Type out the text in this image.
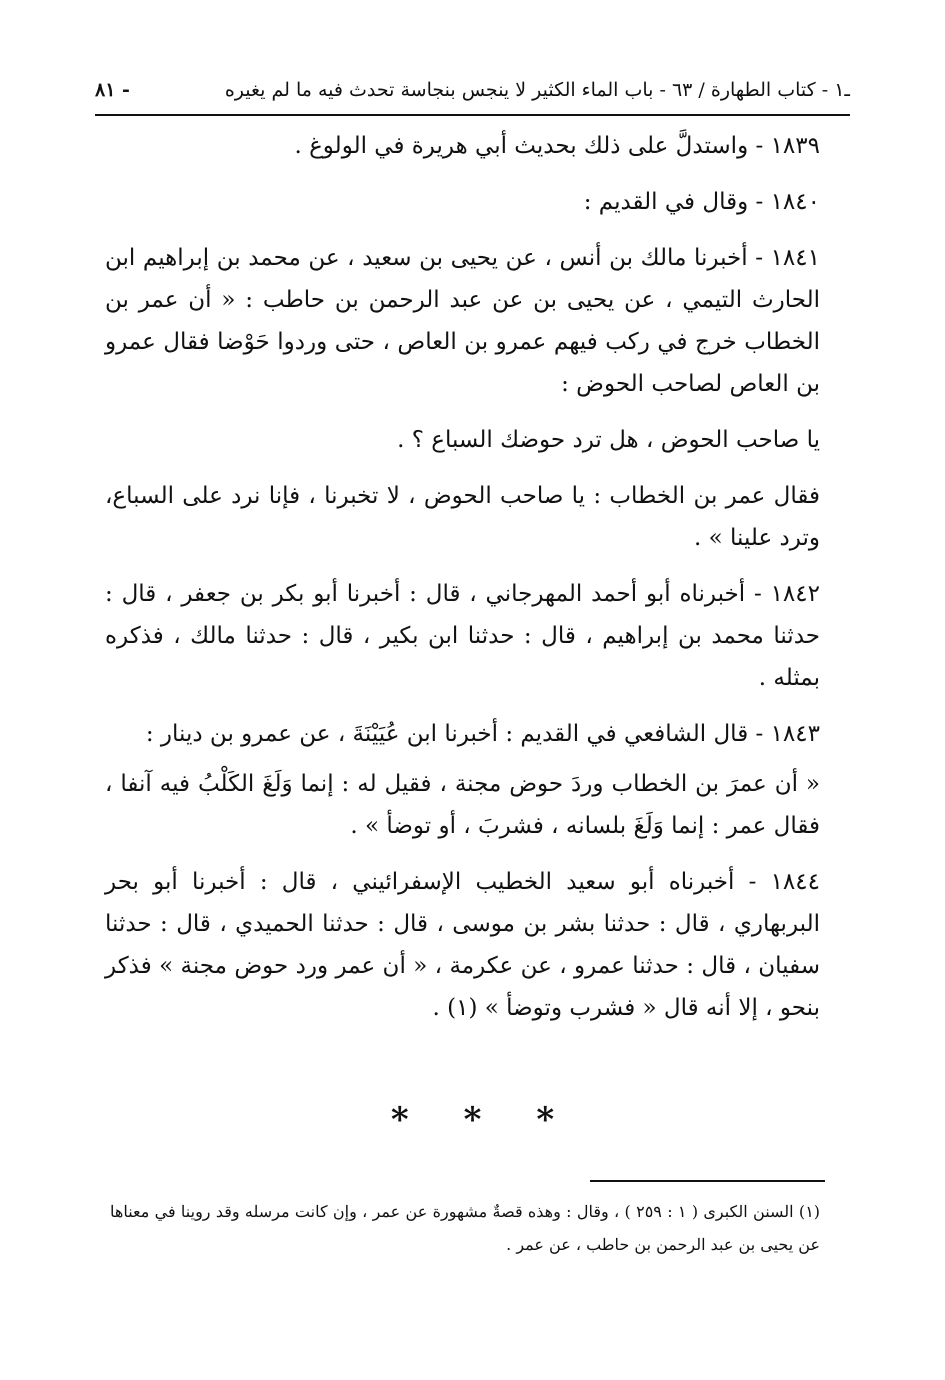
ـ١ - كتاب الطهارة / ٦٣ - باب الماء الكثير لا ينجس بنجاسة تحدث فيه ما لم يغيره
- ٨١

١٨٣٩ - واستدلَّ على ذلك بحديث أبي هريرة في الولوغ .

١٨٤٠ - وقال في القديم :

١٨٤١ - أخبرنا مالك بن أنس ، عن يحيى بن سعيد ، عن محمد بن إبراهيم ابن الحارث التيمي ، عن يحيى بن عن عبد الرحمن بن حاطب : « أن عمر بن الخطاب خرج في ركب فيهم عمرو بن العاص ، حتى وردوا حَوْضا فقال عمرو بن العاص لصاحب الحوض :

يا صاحب الحوض ، هل ترد حوضك السباع ؟ .

فقال عمر بن الخطاب : يا صاحب الحوض ، لا تخبرنا ، فإنا نرد على السباع، وترد علينا » .

١٨٤٢ - أخبرناه أبو أحمد المهرجاني ، قال : أخبرنا أبو بكر بن جعفر ، قال : حدثنا محمد بن إبراهيم ، قال : حدثنا ابن بكير ، قال : حدثنا مالك ، فذكره بمثله .

١٨٤٣ - قال الشافعي في القديم : أخبرنا ابن عُيَيْنَةَ ، عن عمرو بن دينار :

« أن عمرَ بن الخطاب وردَ حوض مجنة ، فقيل له : إنما وَلَغَ الكَلْبُ فيه آنفا ، فقال عمر : إنما وَلَغَ بلسانه ، فشربَ ، أو توضأ » .

١٨٤٤ - أخبرناه أبو سعيد الخطيب الإسفرائيني ، قال : أخبرنا أبو بحر البربهاري ، قال : حدثنا بشر بن موسى ، قال : حدثنا الحميدي ، قال : حدثنا سفيان ، قال : حدثنا عمرو ، عن عكرمة ، « أن عمر ورد حوض مجنة » فذكر بنحو ، إلا أنه قال « فشرب وتوضأ » (١) .

* * *

(١) السنن الكبرى ( ١ : ٢٥٩ ) ، وقال : وهذه قصةٌ مشهورة عن عمر ، وإن كانت مرسله وقد روينا في معناها عن يحيى بن عبد الرحمن بن حاطب ، عن عمر .
